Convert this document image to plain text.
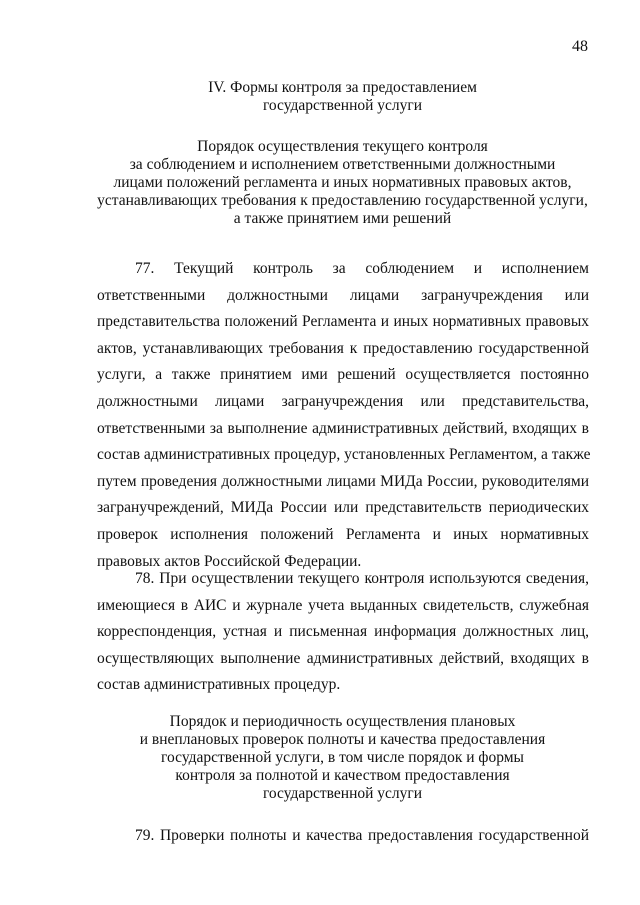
48
IV. Формы контроля за предоставлением
государственной услуги
Порядок осуществления текущего контроля
за соблюдением и исполнением ответственными должностными
лицами положений регламента и иных нормативных правовых актов,
устанавливающих требования к предоставлению государственной услуги,
а также принятием ими решений
77. Текущий контроль за соблюдением и исполнением
ответственными должностными лицами загранучреждения или
представительства положений Регламента и иных нормативных правовых
актов, устанавливающих требования к предоставлению государственной
услуги, а также принятием ими решений осуществляется постоянно
должностными лицами загранучреждения или представительства,
ответственными за выполнение административных действий, входящих в
состав административных процедур, установленных Регламентом, а также
путем проведения должностными лицами МИДа России, руководителями
загранучреждений, МИДа России или представительств периодических
проверок исполнения положений Регламента и иных нормативных
правовых актов Российской Федерации.
78. При осуществлении текущего контроля используются сведения,
имеющиеся в АИС и журнале учета выданных свидетельств, служебная
корреспонденция, устная и письменная информация должностных лиц,
осуществляющих выполнение административных действий, входящих в
состав административных процедур.
Порядок и периодичность осуществления плановых
и внеплановых проверок полноты и качества предоставления
государственной услуги, в том числе порядок и формы
контроля за полнотой и качеством предоставления
государственной услуги
79. Проверки полноты и качества предоставления государственной
